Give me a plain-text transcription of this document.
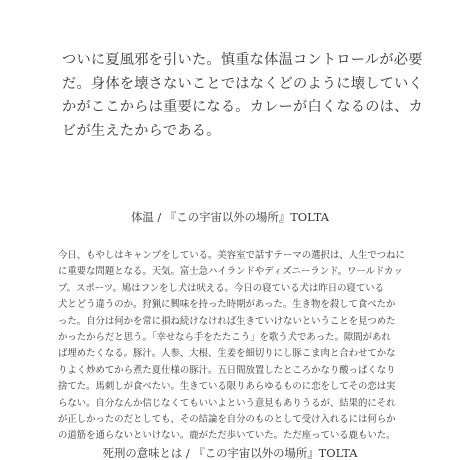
ついに夏風邪を引いた。慎重な体温コントロールが必要
だ。身体を壊さないことではなくどのように壊していく
かがここからは重要になる。カレーが白くなるのは、カ
ビが生えたからである。

体温 / 『この宇宙以外の場所』TOLTA

今日、もやしはキャンプをしている。美容室で話すテーマの選択は、人生でつねに
に重要な問題となる。天気。富士急ハイランドやディズニーランド。ワールドカッ
プ。スポーツ。鳩はフンをし犬は吠える。今日の寝ている犬は昨日の寝ている
犬とどう違うのか。狩猟に興味を持った時期があった。生き物を殺して食べたか
った。自分は何かを常に損ね続けなければ生きていけないということを見つめた
かったからだと思う。「幸せなら手をたたこう」を歌う犬であった。隙間があれ
ば埋めたくなる。豚汁。人参、大根、生姜を細切りにし豚こま肉と合わせてかな
りよく炒めてから煮た夏仕様の豚汁。五日間放置したところかなり酸っぱくなり
捨てた。馬刺しが食べたい。生きている限りあらゆるものに恋をしてその恋は実
らない。自分なんか信じなくてもいいよという意見もありうるが、結果的にそれ
が正しかったのだとしても、その結論を自分のものとして受け入れるには何らか
の道筋を通らないといけない。鹿がただ歩いていた。ただ座っている鹿もいた。

死刑の意味とは / 『この宇宙以外の場所』TOLTA
